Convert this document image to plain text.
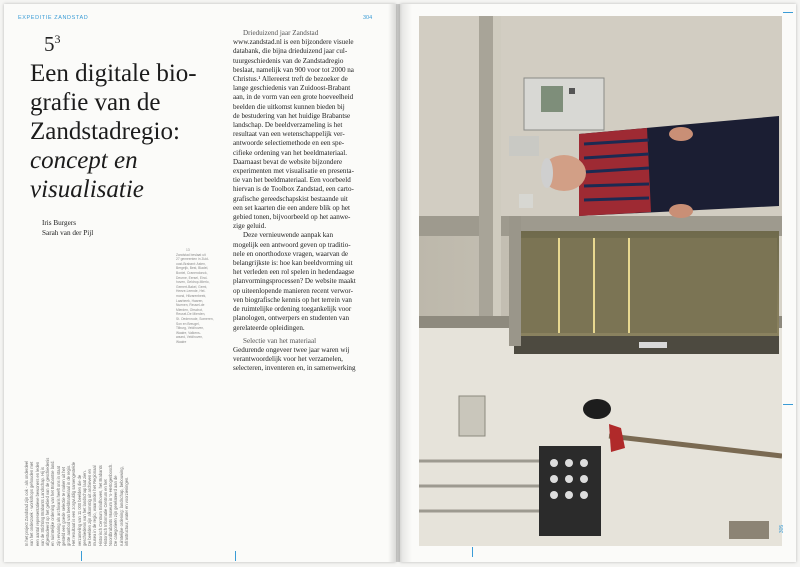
EXPEDITIE ZANDSTAD	304
$5^3$
Een digitale bio-
grafie van de
Zandstadregio:
concept en
visualisatie
Iris Burgers
Sarah van der Pijl
13
Zandstad beslaat uit
27 gemeenten in Zuid-
oost-Brabant: Asten,
Bergeijk, Best, Bladel,
Boxtel, Cranendonck,
Deurne, Eersel, Eind-
hoven, Geldrop-Mierlo,
Gemert-Bakel, Gemt,
Heeze-Leende, Hel-
mond, Hilvarenbeek,
Laarbeek, Haaren,
Nuenen, Reusel-de
Mierden, Oirschot,
Reusel-De Mierden,
St. Oedenrode, Someren,
Son en Breugel,
Tilburg, Veldhoven,
Waalre, Valkens-
waard, Veldhoven,
Waalre
Drieduizend jaar Zandstad
www.zandstad.nl is een bijzondere visuele
databank, die bijna drieduizend jaar cul-
tuurgeschiedenis van de Zandstadregio
beslaat, namelijk van 900 voor tot 2000 na
Christus.¹ Allereerst treft de bezoeker de
lange geschiedenis van Zuidoost-Brabant
aan, in de vorm van een grote hoeveelheid
beelden die uitkomst kunnen bieden bij
de bestudering van het huidige Brabantse
landschap. De beeldverzameling is het
resultaat van een wetenschappelijk ver-
antwoorde selectiemethode en een spe-
cifieke ordening van het beeldmateriaal.
Daarnaast bevat de website bijzondere
experimenten met visualisatie en presenta-
tie van het beeldmateriaal. Een voorbeeld
hiervan is de Toolbox Zandstad, een carto-
grafische gereedschapskist bestaande uit
een set kaarten die een andere blik op het
gebied tonen, bijvoorbeeld op het aanwe-
zige geluid.
Deze vernieuwende aanpak kan
mogelijk een antwoord geven op traditio-
nele en onorthodoxe vragen, waarvan de
belangrijkste is: hoe kan beeldvorming uit
het verleden een rol spelen in hedendaagse
planvormingsprocessen? De website maakt
op uiteenlopende manieren recent verwor-
ven biografische kennis op het terrein van
de ruimtelijke ordening toegankelijk voor
planologen, ontwerpers en studenten van
gerelateerde opleidingen.
Selectie van het materiaal
Gedurende ongeveer twee jaar waren wij
verantwoordelijk voor het verzamelen,
selecteren, inventeren en, in samenwerking
In het project Zandstad zijn ook - als onderdeel van het onderzoek - workshops gehouden met een aantal representatieve bewoners en leden van de Stichting Brabants Landschap. Hij is afgestudeerd op het gebied van de geschiedenis en ruimtelijke ordening van het Brabantse land. Zijn ervaring als archivaris heeft ons in staat gesteld een goede selectie te maken uit het grote aanbod van beeldmateriaal in de regio. Het resultaat is een zorgvuldig samengestelde verzameling van 11 000 beelden die de geschiedenis van het landschap laat zien. De beelden zijn afkomstig uit archieven en musea in de regio, waaronder het Regionaal Historisch Centrum Eindhoven, het Brabants Historisch Informatie Centrum en het Noordbrabants Museum in 's-Hertogenbosch. De categorieën zijn gerelateerd aan de ruimtelijke ordening: landschap, bebouwing, infrastructuur, water en voorzieningen.	305
